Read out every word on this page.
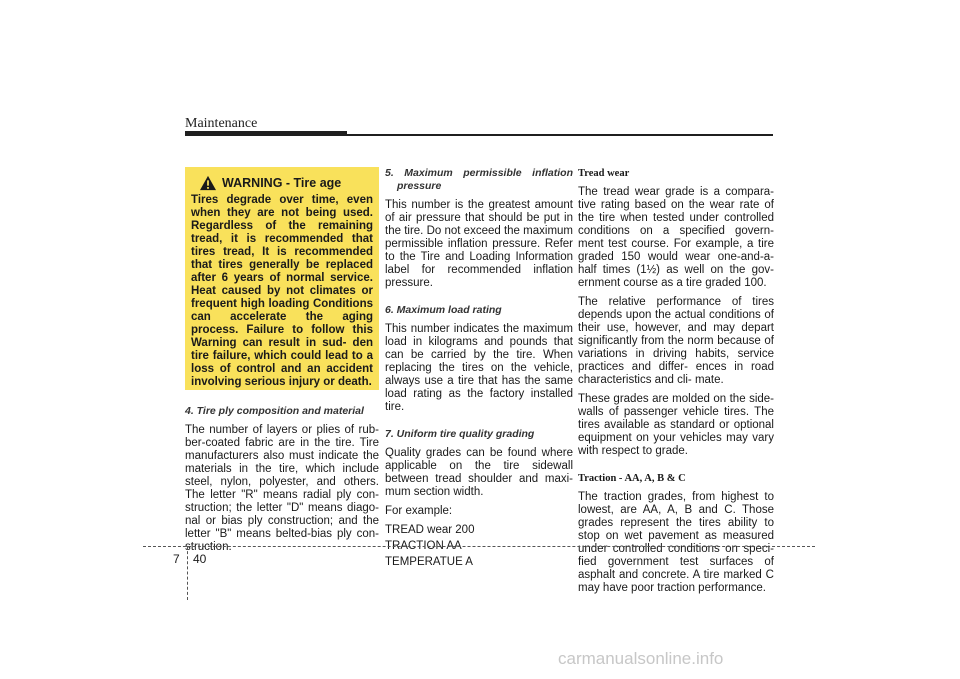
Maintenance
WARNING - Tire age

Tires degrade over time, even when they are not being used. Regardless of the remaining tread, it is recommended that tires tread, It is recommended that tires generally be replaced after 6 years of normal service. Heat caused by not climates or frequent high loading Conditions can accelerate the aging process. Failure to follow this Warning can result in sud- den tire failure, which could lead to a loss of control and an accident involving serious injury or death.

4. Tire ply composition and material

The number of layers or plies of rub- ber-coated fabric are in the tire. Tire manufacturers also must indicate the materials in the tire, which include steel, nylon, polyester, and others. The letter "R" means radial ply con- struction; the letter "D" means diago- nal or bias ply construction; and the letter "B" means belted-bias ply con- struction.

5. Maximum permissible inflation pressure

This number is the greatest amount of air pressure that should be put in the tire. Do not exceed the maximum permissible inflation pressure. Refer to the Tire and Loading Information label for recommended inflation pressure.

6. Maximum load rating

This number indicates the maximum load in kilograms and pounds that can be carried by the tire. When replacing the tires on the vehicle, always use a tire that has the same load rating as the factory installed tire.

7. Uniform tire quality grading

Quality grades can be found where applicable on the tire sidewall between tread shoulder and maxi- mum section width.

For example:

TREAD wear 200

TRACTION AA

TEMPERATUE A

Tread wear

The tread wear grade is a compara- tive rating based on the wear rate of the tire when tested under controlled conditions on a specified govern- ment test course. For example, a tire graded 150 would wear one-and-a- half times (1½) as well on the gov- ernment course as a tire graded 100.

The relative performance of tires depends upon the actual conditions of their use, however, and may depart significantly from the norm because of variations in driving habits, service practices and differ- ences in road characteristics and cli- mate.

These grades are molded on the side-walls of passenger vehicle tires. The tires available as standard or optional equipment on your vehicles may vary with respect to grade.

Traction - AA, A, B & C

The traction grades, from highest to lowest, are AA, A, B and C. Those grades represent the tires ability to stop on wet pavement as measured under controlled conditions on speci- fied government test surfaces of asphalt and concrete. A tire marked C may have poor traction performance.

7 40
carmanualsonline.info
